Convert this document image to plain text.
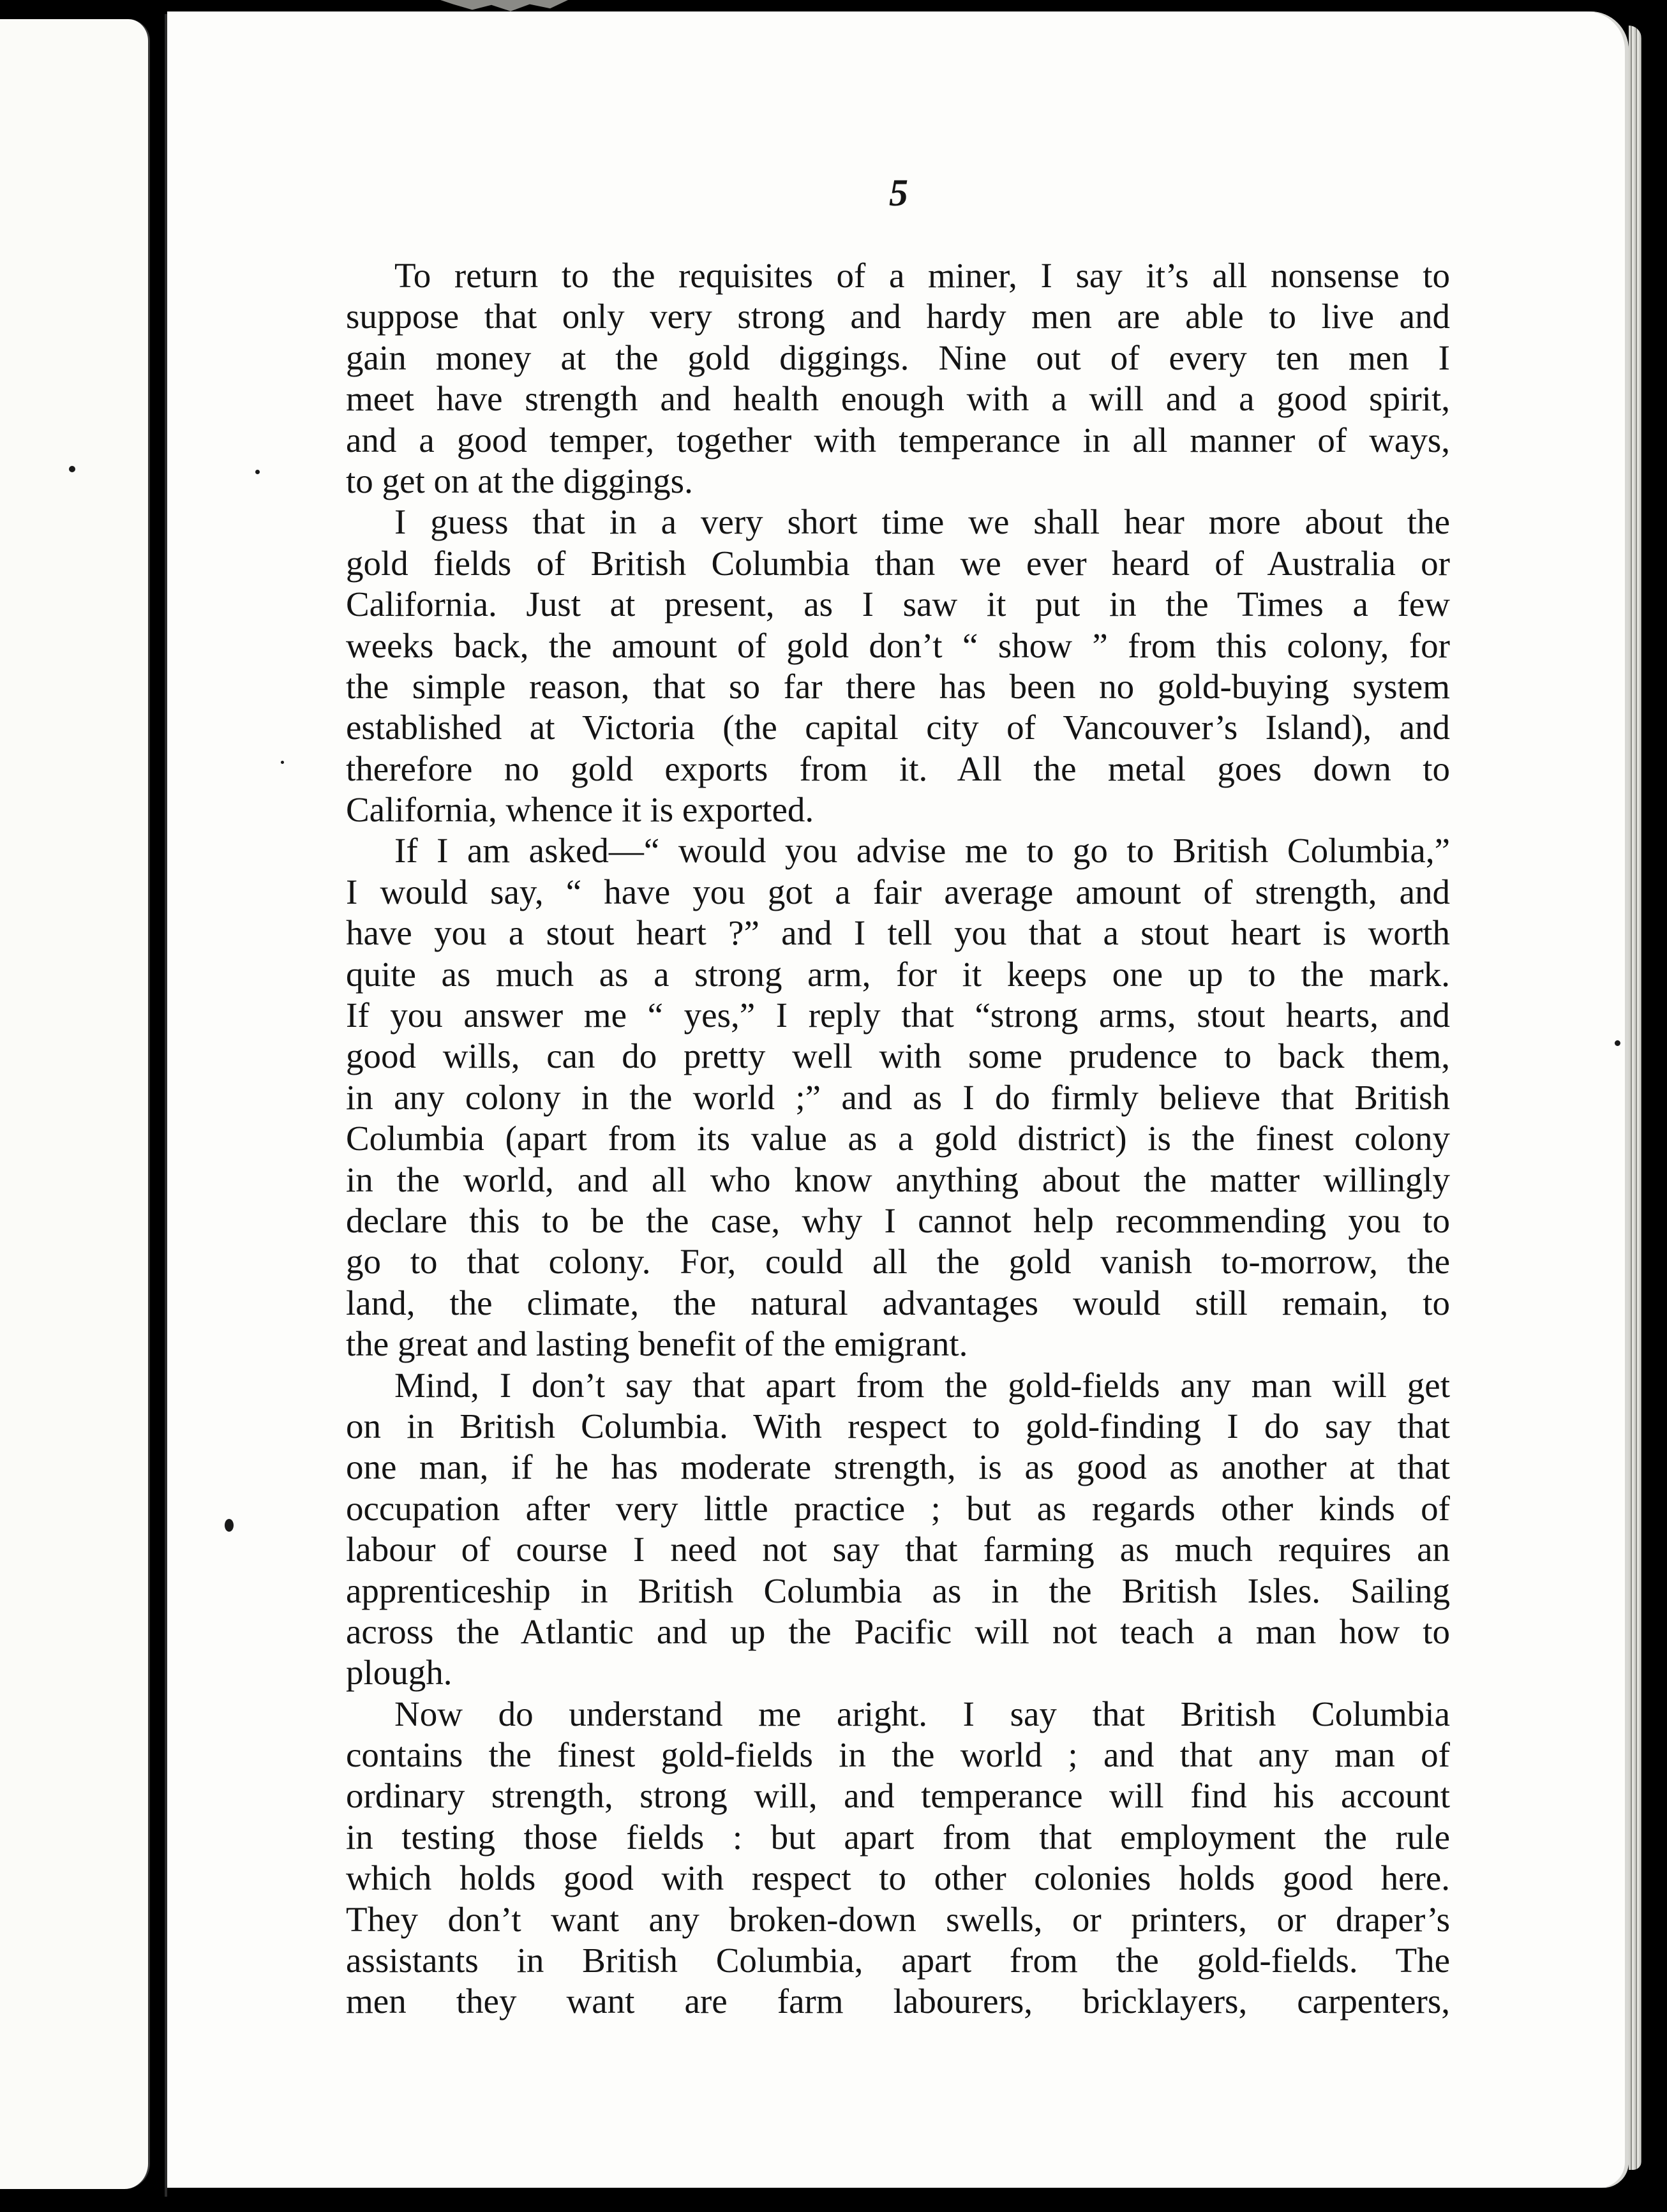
5
To return to the requisites of a miner, I say it’s all nonsense to
suppose that only very strong and hardy men are able to live and
gain money at the gold diggings. Nine out of every ten men I
meet have strength and health enough with a will and a good spirit,
and a good temper, together with temperance in all manner of ways,
to get on at the diggings.
I guess that in a very short time we shall hear more about the
gold fields of British Columbia than we ever heard of Australia or
California. Just at present, as I saw it put in the Times a few
weeks back, the amount of gold don’t “ show ” from this colony, for
the simple reason, that so far there has been no gold-buying system
established at Victoria (the capital city of Vancouver’s Island), and
therefore no gold exports from it. All the metal goes down to
California, whence it is exported.
If I am asked—“ would you advise me to go to British Columbia,”
I would say, “ have you got a fair average amount of strength, and
have you a stout heart ?” and I tell you that a stout heart is worth
quite as much as a strong arm, for it keeps one up to the mark.
If you answer me “ yes,” I reply that “strong arms, stout hearts, and
good wills, can do pretty well with some prudence to back them,
in any colony in the world ;” and as I do firmly believe that British
Columbia (apart from its value as a gold district) is the finest colony
in the world, and all who know anything about the matter willingly
declare this to be the case, why I cannot help recommending you to
go to that colony. For, could all the gold vanish to-morrow, the
land, the climate, the natural advantages would still remain, to
the great and lasting benefit of the emigrant.
Mind, I don’t say that apart from the gold-fields any man will get
on in British Columbia. With respect to gold-finding I do say that
one man, if he has moderate strength, is as good as another at that
occupation after very little practice ; but as regards other kinds of
labour of course I need not say that farming as much requires an
apprenticeship in British Columbia as in the British Isles. Sailing
across the Atlantic and up the Pacific will not teach a man how to
plough.
Now do understand me aright. I say that British Columbia
contains the finest gold-fields in the world ; and that any man of
ordinary strength, strong will, and temperance will find his account
in testing those fields : but apart from that employment the rule
which holds good with respect to other colonies holds good here.
They don’t want any broken-down swells, or printers, or draper’s
assistants in British Columbia, apart from the gold-fields. The
men they want are farm labourers, bricklayers, carpenters,
